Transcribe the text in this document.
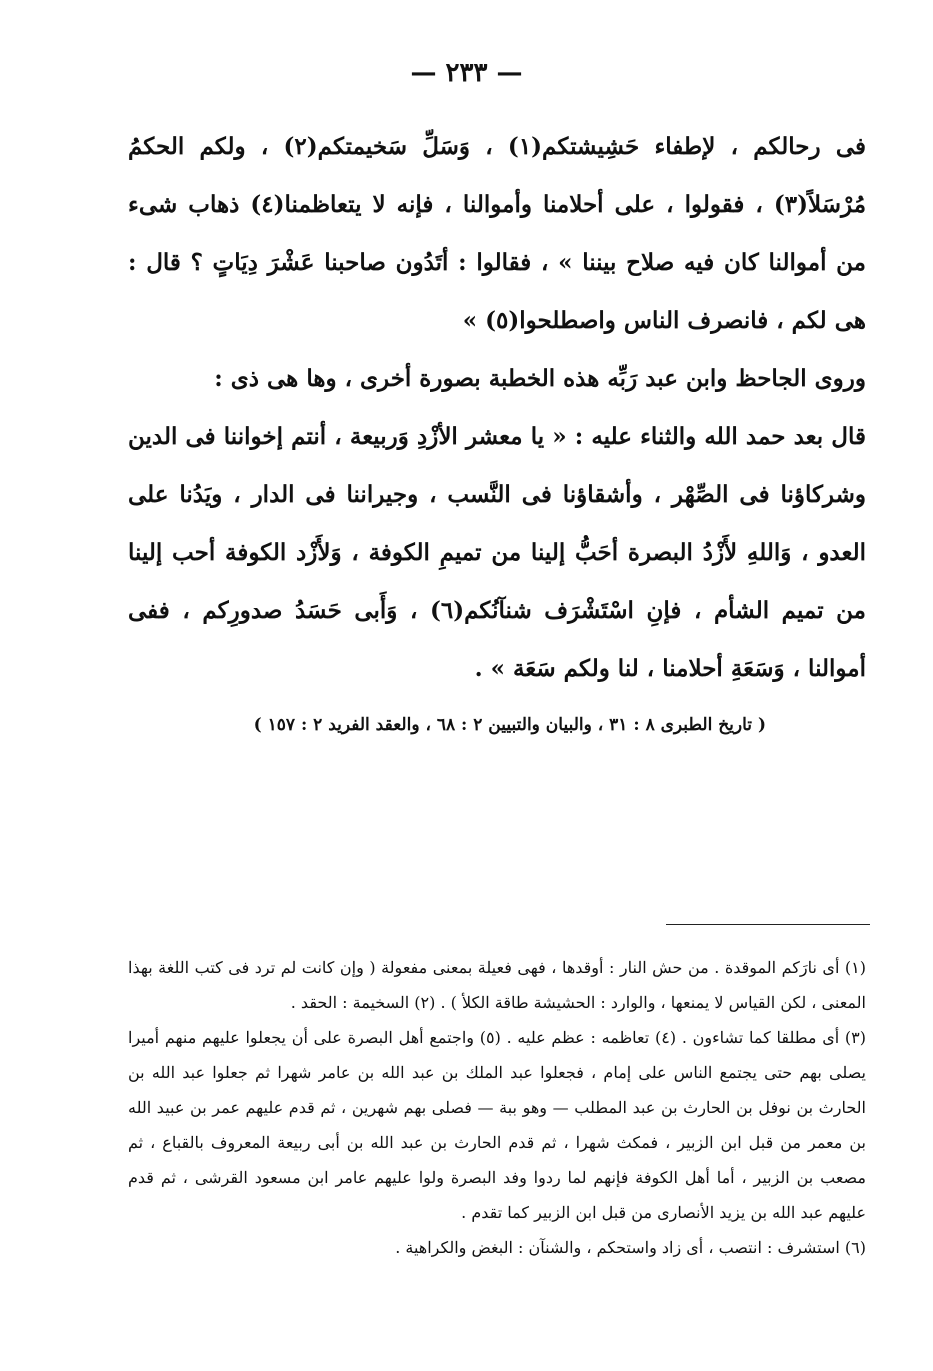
— ٢٣٣ —

فى رحالكم ، لإطفاء حَشِيشتكم(١) ، وَسَلِّ سَخيمتكم(٢) ، ولكم الحكمُ مُرْسَلاً(٣) ، فقولوا ، على أحلامنا وأموالنا ، فإنه لا يتعاظمنا(٤) ذهاب شىء من أموالنا كان فيه صلاح بيننا » ، فقالوا : أتَدُون صاحبنا عَشْرَ دِيَاتٍ ؟ قال : هى لكم ، فانصرف الناس واصطلحوا(٥) »

وروى الجاحظ وابن عبد رَبِّه هذه الخطبة بصورة أخرى ، وها هى ذى :

قال بعد حمد الله والثناء عليه : « يا معشر الأزْدِ وَربيعة ، أنتم إخواننا فى الدين وشركاؤنا فى الصِّهْر ، وأشقاؤنا فى النَّسب ، وجيراننا فى الدار ، ويَدُنا على العدو ، وَاللهِ لأَزْدُ البصرة أحَبُّ إلينا من تميمِ الكوفة ، وَلأَزْد الكوفة أحب إلينا من تميم الشأم ، فإنِ اسْتَشْرَف شنآنُكم(٦) ، وَأَبى حَسَدُ صدورِكم ، ففى أموالنا ، وَسَعَةِ أحلامنا ، لنا ولكم سَعَة » .

( تاريخ الطبرى ٨ : ٣١ ، والبيان والتبيين ٢ : ٦٨ ، والعقد الفريد ٢ : ١٥٧ )

(١) أى نارَكم الموقدة . من حش النار : أوقدها ، فهى فعيلة بمعنى مفعولة ( وإن كانت لم ترد فى كتب اللغة بهذا المعنى ، لكن القياس لا يمنعها ، والوارد : الحشيشة طاقة الكلأ ) . (٢) السخيمة : الحقد .

(٣) أى مطلقا كما تشاءون . (٤) تعاظمه : عظم عليه . (٥) واجتمع أهل البصرة على أن يجعلوا عليهم منهم أميرا يصلى بهم حتى يجتمع الناس على إمام ، فجعلوا عبد الملك بن عبد الله بن عامر شهرا ثم جعلوا عبد الله بن الحارث بن نوفل بن الحارث بن عبد المطلب — وهو ببة — فصلى بهم شهرين ، ثم قدم عليهم عمر بن عبيد الله بن معمر من قبل ابن الزبير ، فمكث شهرا ، ثم قدم الحارث بن عبد الله بن أبى ربيعة المعروف بالقباع ، ثم مصعب بن الزبير ، أما أهل الكوفة فإنهم لما ردوا وفد البصرة ولوا عليهم عامر ابن مسعود القرشى ، ثم قدم عليهم عبد الله بن يزيد الأنصارى من قبل ابن الزبير كما تقدم .

(٦) استشرف : انتصب ، أى زاد واستحكم ، والشنآن : البغض والكراهية .
